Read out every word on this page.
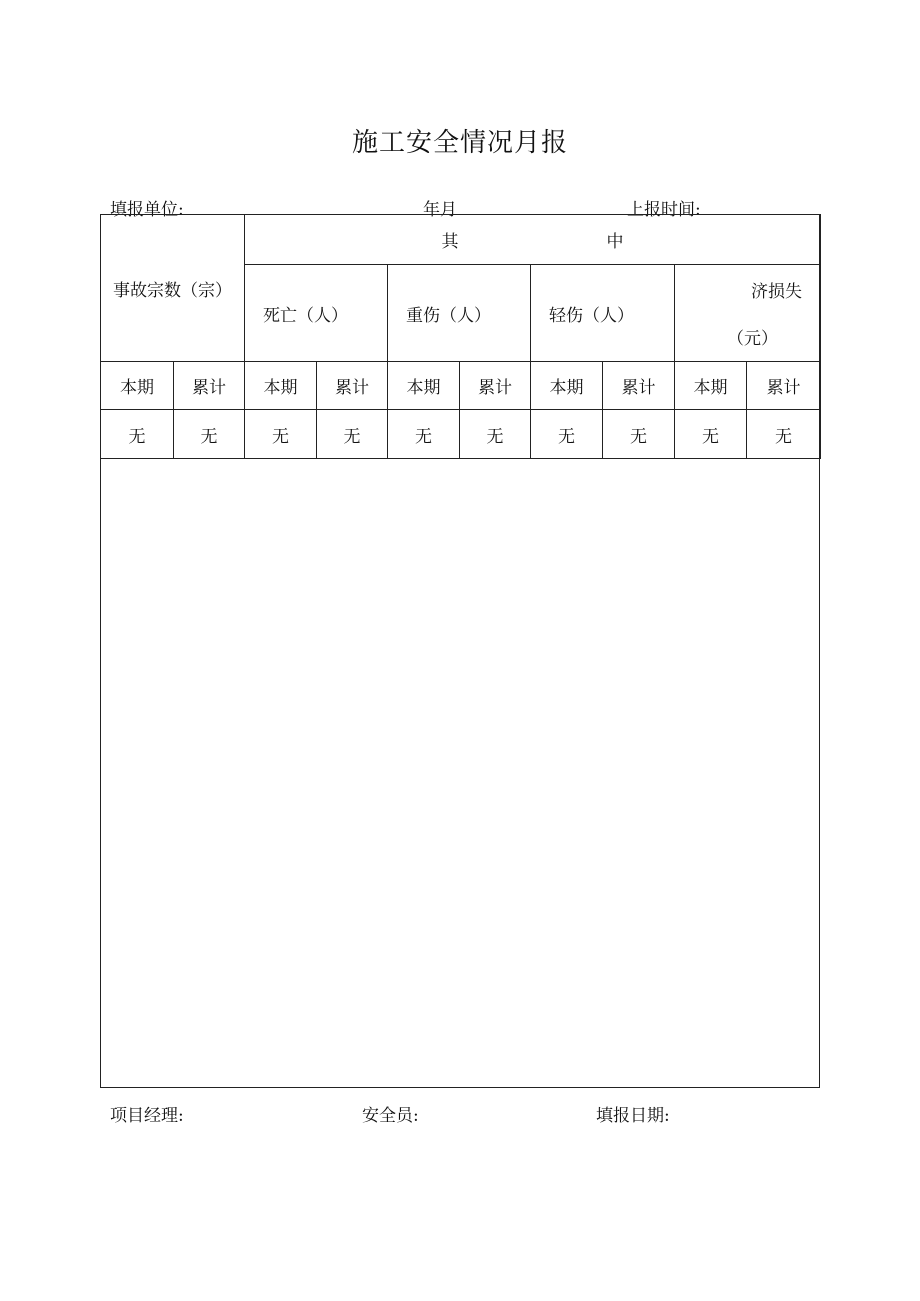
施工安全情况月报
填报单位:	年月	上报时间:
事故宗数（宗）		其 中							
		死亡（人）		重伤（人）		轻伤（人）		济损失
（元）	

本期	累计	本期	累计	本期	累计	本期	累计	本期	累计
无	无	无	无	无	无	无	无	无	无
项目经理:	安全员:	填报日期:
